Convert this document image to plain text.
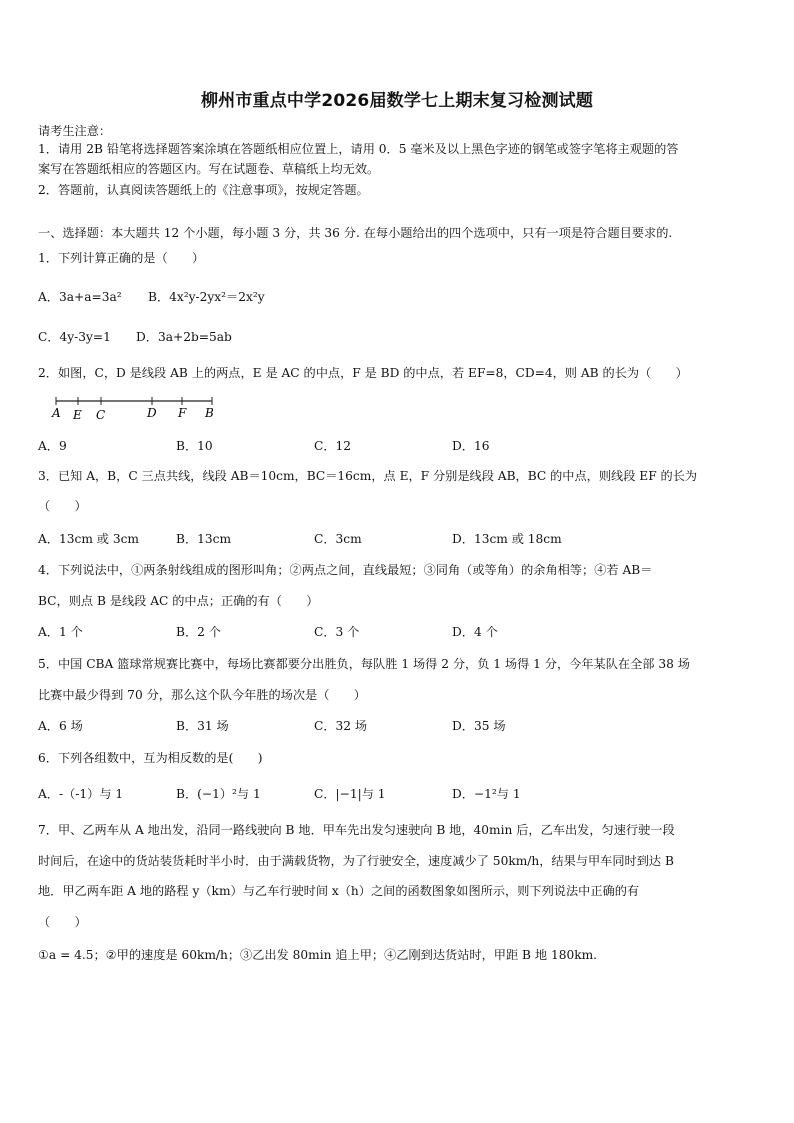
柳州市重点中学2026届数学七上期末复习检测试题
请考生注意：
1．请用 2B 铅笔将选择题答案涂填在答题纸相应位置上，请用 0．5 毫米及以上黑色字迹的钢笔或签字笔将主观题的答
案写在答题纸相应的答题区内。写在试题卷、草稿纸上均无效。
2．答题前，认真阅读答题纸上的《注意事项》，按规定答题。
一、选择题：本大题共 12 个小题，每小题 3 分，共 36 分. 在每小题给出的四个选项中，只有一项是符合题目要求的.
1．下列计算正确的是（　　）
A．3a+a=3a² B．4x²y-2yx²＝2x²y
C．4y-3y=1 D．3a+2b=5ab
2．如图，C，D 是线段 AB 上的两点，E 是 AC 的中点，F 是 BD 的中点，若 EF=8，CD=4，则 AB 的长为（　　）
A E C	D F B
A．9	B．10	C．12	D．16
3．已知 A，B，C 三点共线，线段 AB＝10cm，BC＝16cm，点 E，F 分别是线段 AB，BC 的中点，则线段 EF 的长为
（　　）
A．13cm 或 3cm	B．13cm	C．3cm	D．13cm 或 18cm
4．下列说法中，①两条射线组成的图形叫角；②两点之间，直线最短；③同角（或等角）的余角相等；④若 AB＝
BC，则点 B 是线段 AC 的中点；正确的有（　　）
A．1 个	B．2 个	C．3 个	D．4 个
5．中国 CBA 篮球常规赛比赛中，每场比赛都要分出胜负，每队胜 1 场得 2 分，负 1 场得 1 分，今年某队在全部 38 场
比赛中最少得到 70 分，那么这个队今年胜的场次是（　　）
A．6 场	B．31 场	C．32 场	D．35 场
6．下列各组数中，互为相反数的是(　　)
A．-（-1）与 1	B．(−1）²与 1	C．|−1|与 1	D．−1²与 1
7．甲、乙两车从 A 地出发，沿同一路线驶向 B 地．甲车先出发匀速驶向 B 地，40min 后，乙车出发，匀速行驶一段
时间后，在途中的货站装货耗时半小时．由于满载货物，为了行驶安全，速度减少了 50km/h，结果与甲车同时到达 B
地．甲乙两车距 A 地的路程 y（km）与乙车行驶时间 x（h）之间的函数图象如图所示，则下列说法中正确的有
（　　）
①a = 4.5；②甲的速度是 60km/h；③乙出发 80min 追上甲；④乙刚到达货站时，甲距 B 地 180km.
